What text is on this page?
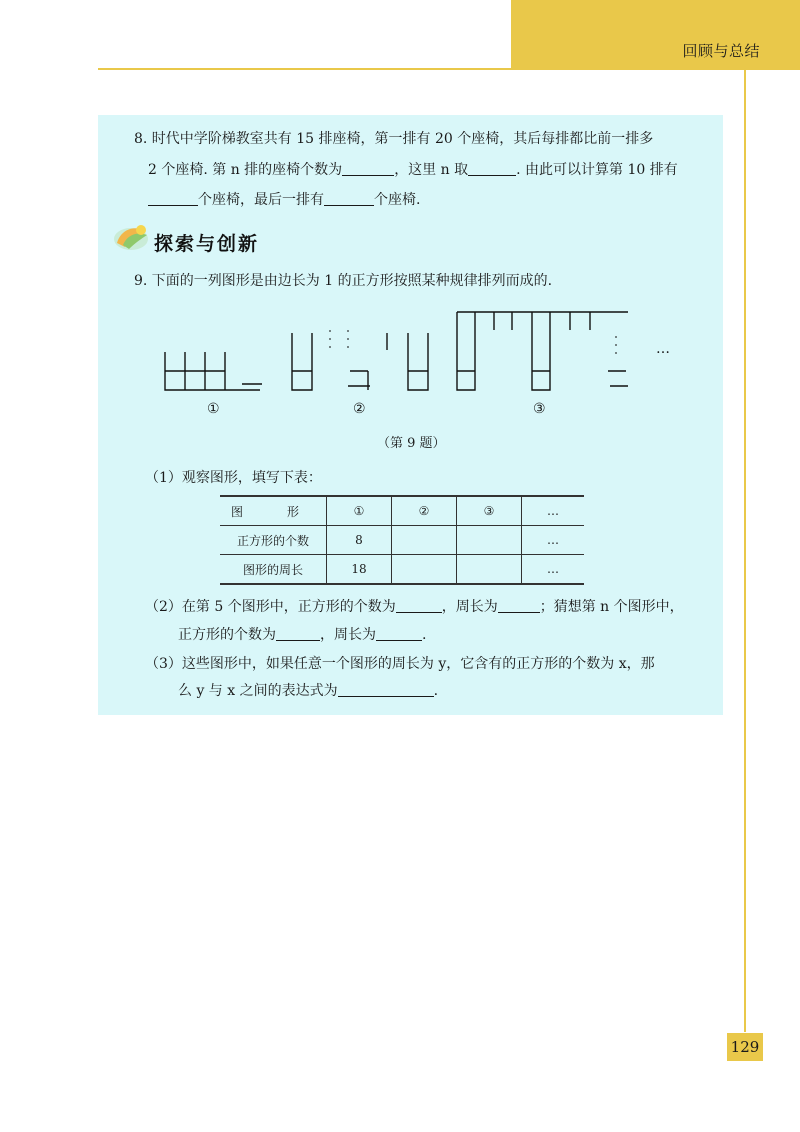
回顾与总结
129
8. 时代中学阶梯教室共有 15 排座椅，第一排有 20 个座椅，其后每排都比前一排多
2 个座椅. 第 n 排的座椅个数为	，这里 n 取	. 由此可以计算第 10 排有
个座椅，最后一排有	个座椅.
探索与创新
9. 下面的一列图形是由边长为 1 的正方形按照某种规律排列而成的.
①	②	③
…
（第 9 题）
（1）观察图形，填写下表：
图　形	①	②	③	…
正方形的个数	8			…
图形的周长	18			…
（2）在第 5 个图形中，正方形的个数为	，周长为	；猜想第 n 个图形中，
正方形的个数为	，周长为	.
（3）这些图形中，如果任意一个图形的周长为 y，它含有的正方形的个数为 x，那
么 y 与 x 之间的表达式为	.
